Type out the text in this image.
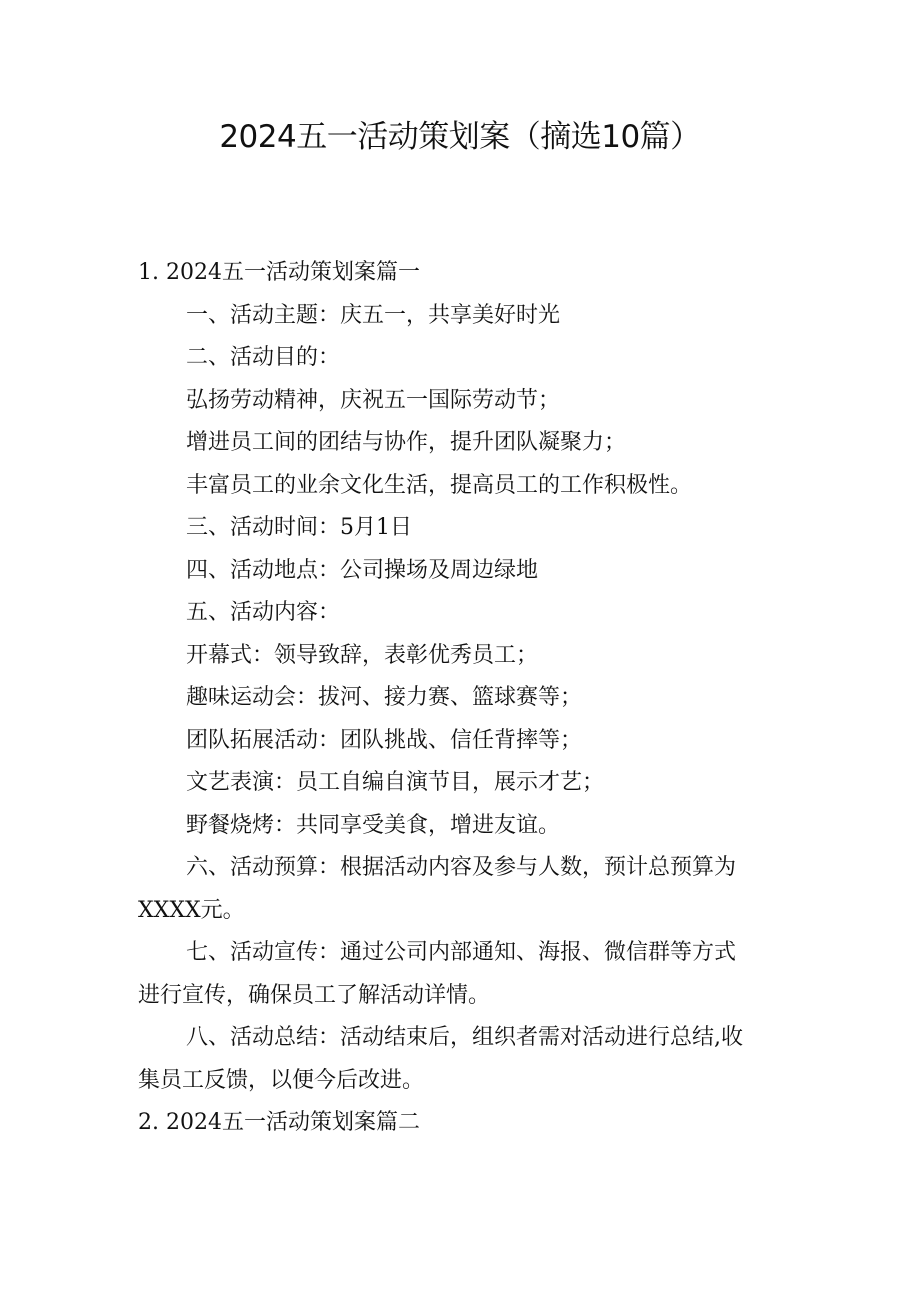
2024五一活动策划案（摘选10篇）
1. 2024五一活动策划案篇一
一、活动主题：庆五一，共享美好时光
二、活动目的：
弘扬劳动精神，庆祝五一国际劳动节；
增进员工间的团结与协作，提升团队凝聚力；
丰富员工的业余文化生活，提高员工的工作积极性。
三、活动时间：5月1日
四、活动地点：公司操场及周边绿地
五、活动内容：
开幕式：领导致辞，表彰优秀员工；
趣味运动会：拔河、接力赛、篮球赛等；
团队拓展活动：团队挑战、信任背摔等；
文艺表演：员工自编自演节目，展示才艺；
野餐烧烤：共同享受美食，增进友谊。
六、活动预算：根据活动内容及参与人数，预计总预算为
XXXX元。
七、活动宣传：通过公司内部通知、海报、微信群等方式
进行宣传，确保员工了解活动详情。
八、活动总结：活动结束后，组织者需对活动进行总结,收
集员工反馈，以便今后改进。
2. 2024五一活动策划案篇二
